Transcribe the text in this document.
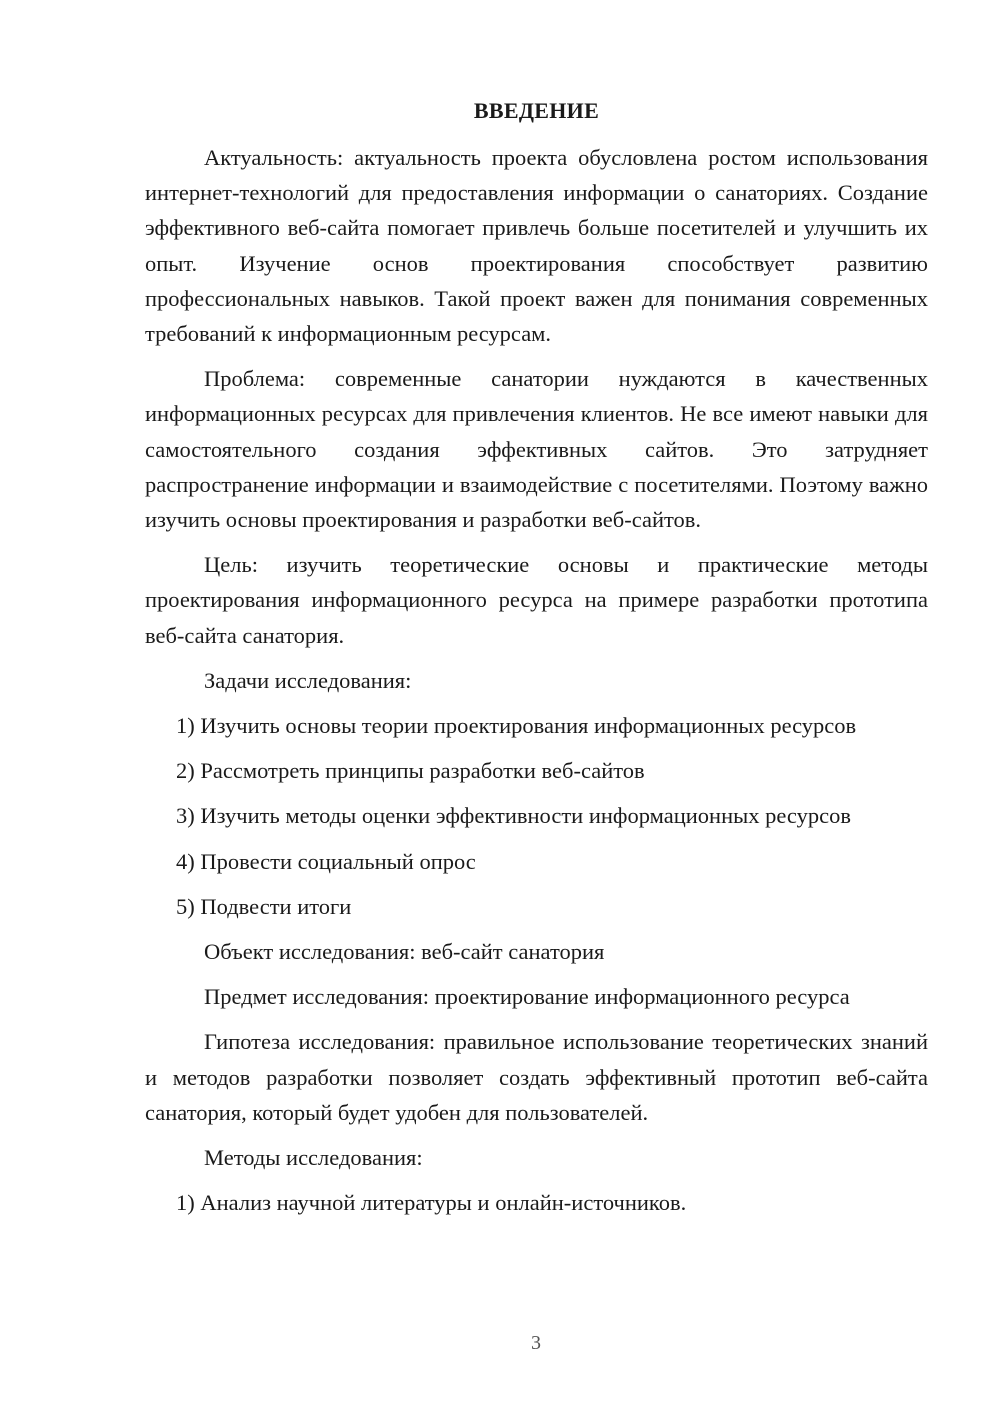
ВВЕДЕНИЕ

Актуальность: актуальность проекта обусловлена ростом использования интернет-технологий для предоставления информации о санаториях. Создание эффективного веб-сайта помогает привлечь больше посетителей и улучшить их опыт. Изучение основ проектирования способствует развитию профессиональных навыков. Такой проект важен для понимания современных требований к информационным ресурсам.

Проблема: современные санатории нуждаются в качественных информационных ресурсах для привлечения клиентов. Не все имеют навыки для самостоятельного создания эффективных сайтов. Это затрудняет распространение информации и взаимодействие с посетителями. Поэтому важно изучить основы проектирования и разработки веб-сайтов.

Цель: изучить теоретические основы и практические методы проектирования информационного ресурса на примере разработки прототипа веб-сайта санатория.

Задачи исследования:

1) Изучить основы теории проектирования информационных ресурсов

2) Рассмотреть принципы разработки веб-сайтов

3) Изучить методы оценки эффективности информационных ресурсов

4) Провести социальный опрос

5) Подвести итоги

Объект исследования: веб-сайт санатория

Предмет исследования: проектирование информационного ресурса

Гипотеза исследования: правильное использование теоретических знаний и методов разработки позволяет создать эффективный прототип веб-сайта санатория, который будет удобен для пользователей.

Методы исследования:

1) Анализ научной литературы и онлайн-источников.

3
